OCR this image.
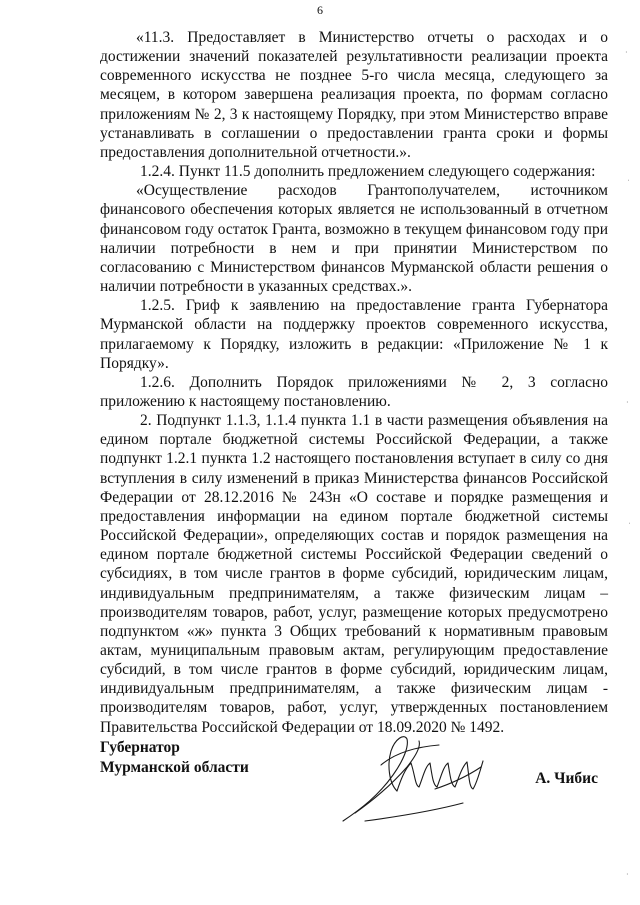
6

«11.3. Предоставляет в Министерство отчеты о расходах и о достижении значений показателей результативности реализации проекта современного искусства не позднее 5-го числа месяца, следующего за месяцем, в котором завершена реализация проекта, по формам согласно приложениям № 2, 3 к настоящему Порядку, при этом Министерство вправе устанавливать в соглашении о предоставлении гранта сроки и формы предоставления дополнительной отчетности.».

1.2.4. Пункт 11.5 дополнить предложением следующего содержания:

«Осуществление расходов Грантополучателем, источником финансового обеспечения которых является не использованный в отчетном финансовом году остаток Гранта, возможно в текущем финансовом году при наличии потребности в нем и при принятии Министерством по согласованию с Министерством финансов Мурманской области решения о наличии потребности в указанных средствах.».

1.2.5. Гриф к заявлению на предоставление гранта Губернатора Мурманской области на поддержку проектов современного искусства, прилагаемому к Порядку, изложить в редакции: «Приложение № 1 к Порядку».

1.2.6. Дополнить Порядок приложениями № 2, 3 согласно приложению к настоящему постановлению.

2. Подпункт 1.1.3, 1.1.4 пункта 1.1 в части размещения объявления на едином портале бюджетной системы Российской Федерации, а также подпункт 1.2.1 пункта 1.2 настоящего постановления вступает в силу со дня вступления в силу изменений в приказ Министерства финансов Российской Федерации от 28.12.2016 № 243н «О составе и порядке размещения и предоставления информации на едином портале бюджетной системы Российской Федерации», определяющих состав и порядок размещения на едином портале бюджетной системы Российской Федерации сведений о субсидиях, в том числе грантов в форме субсидий, юридическим лицам, индивидуальным предпринимателям, а также физическим лицам – производителям товаров, работ, услуг, размещение которых предусмотрено подпунктом «ж» пункта 3 Общих требований к нормативным правовым актам, муниципальным правовым актам, регулирующим предоставление субсидий, в том числе грантов в форме субсидий, юридическим лицам, индивидуальным предпринимателям, а также физическим лицам - производителям товаров, работ, услуг, утвержденных постановлением Правительства Российской Федерации от 18.09.2020 № 1492.

Губернатор
Мурманской области
А. Чибис
·
ˌ
·
ˌ
·
